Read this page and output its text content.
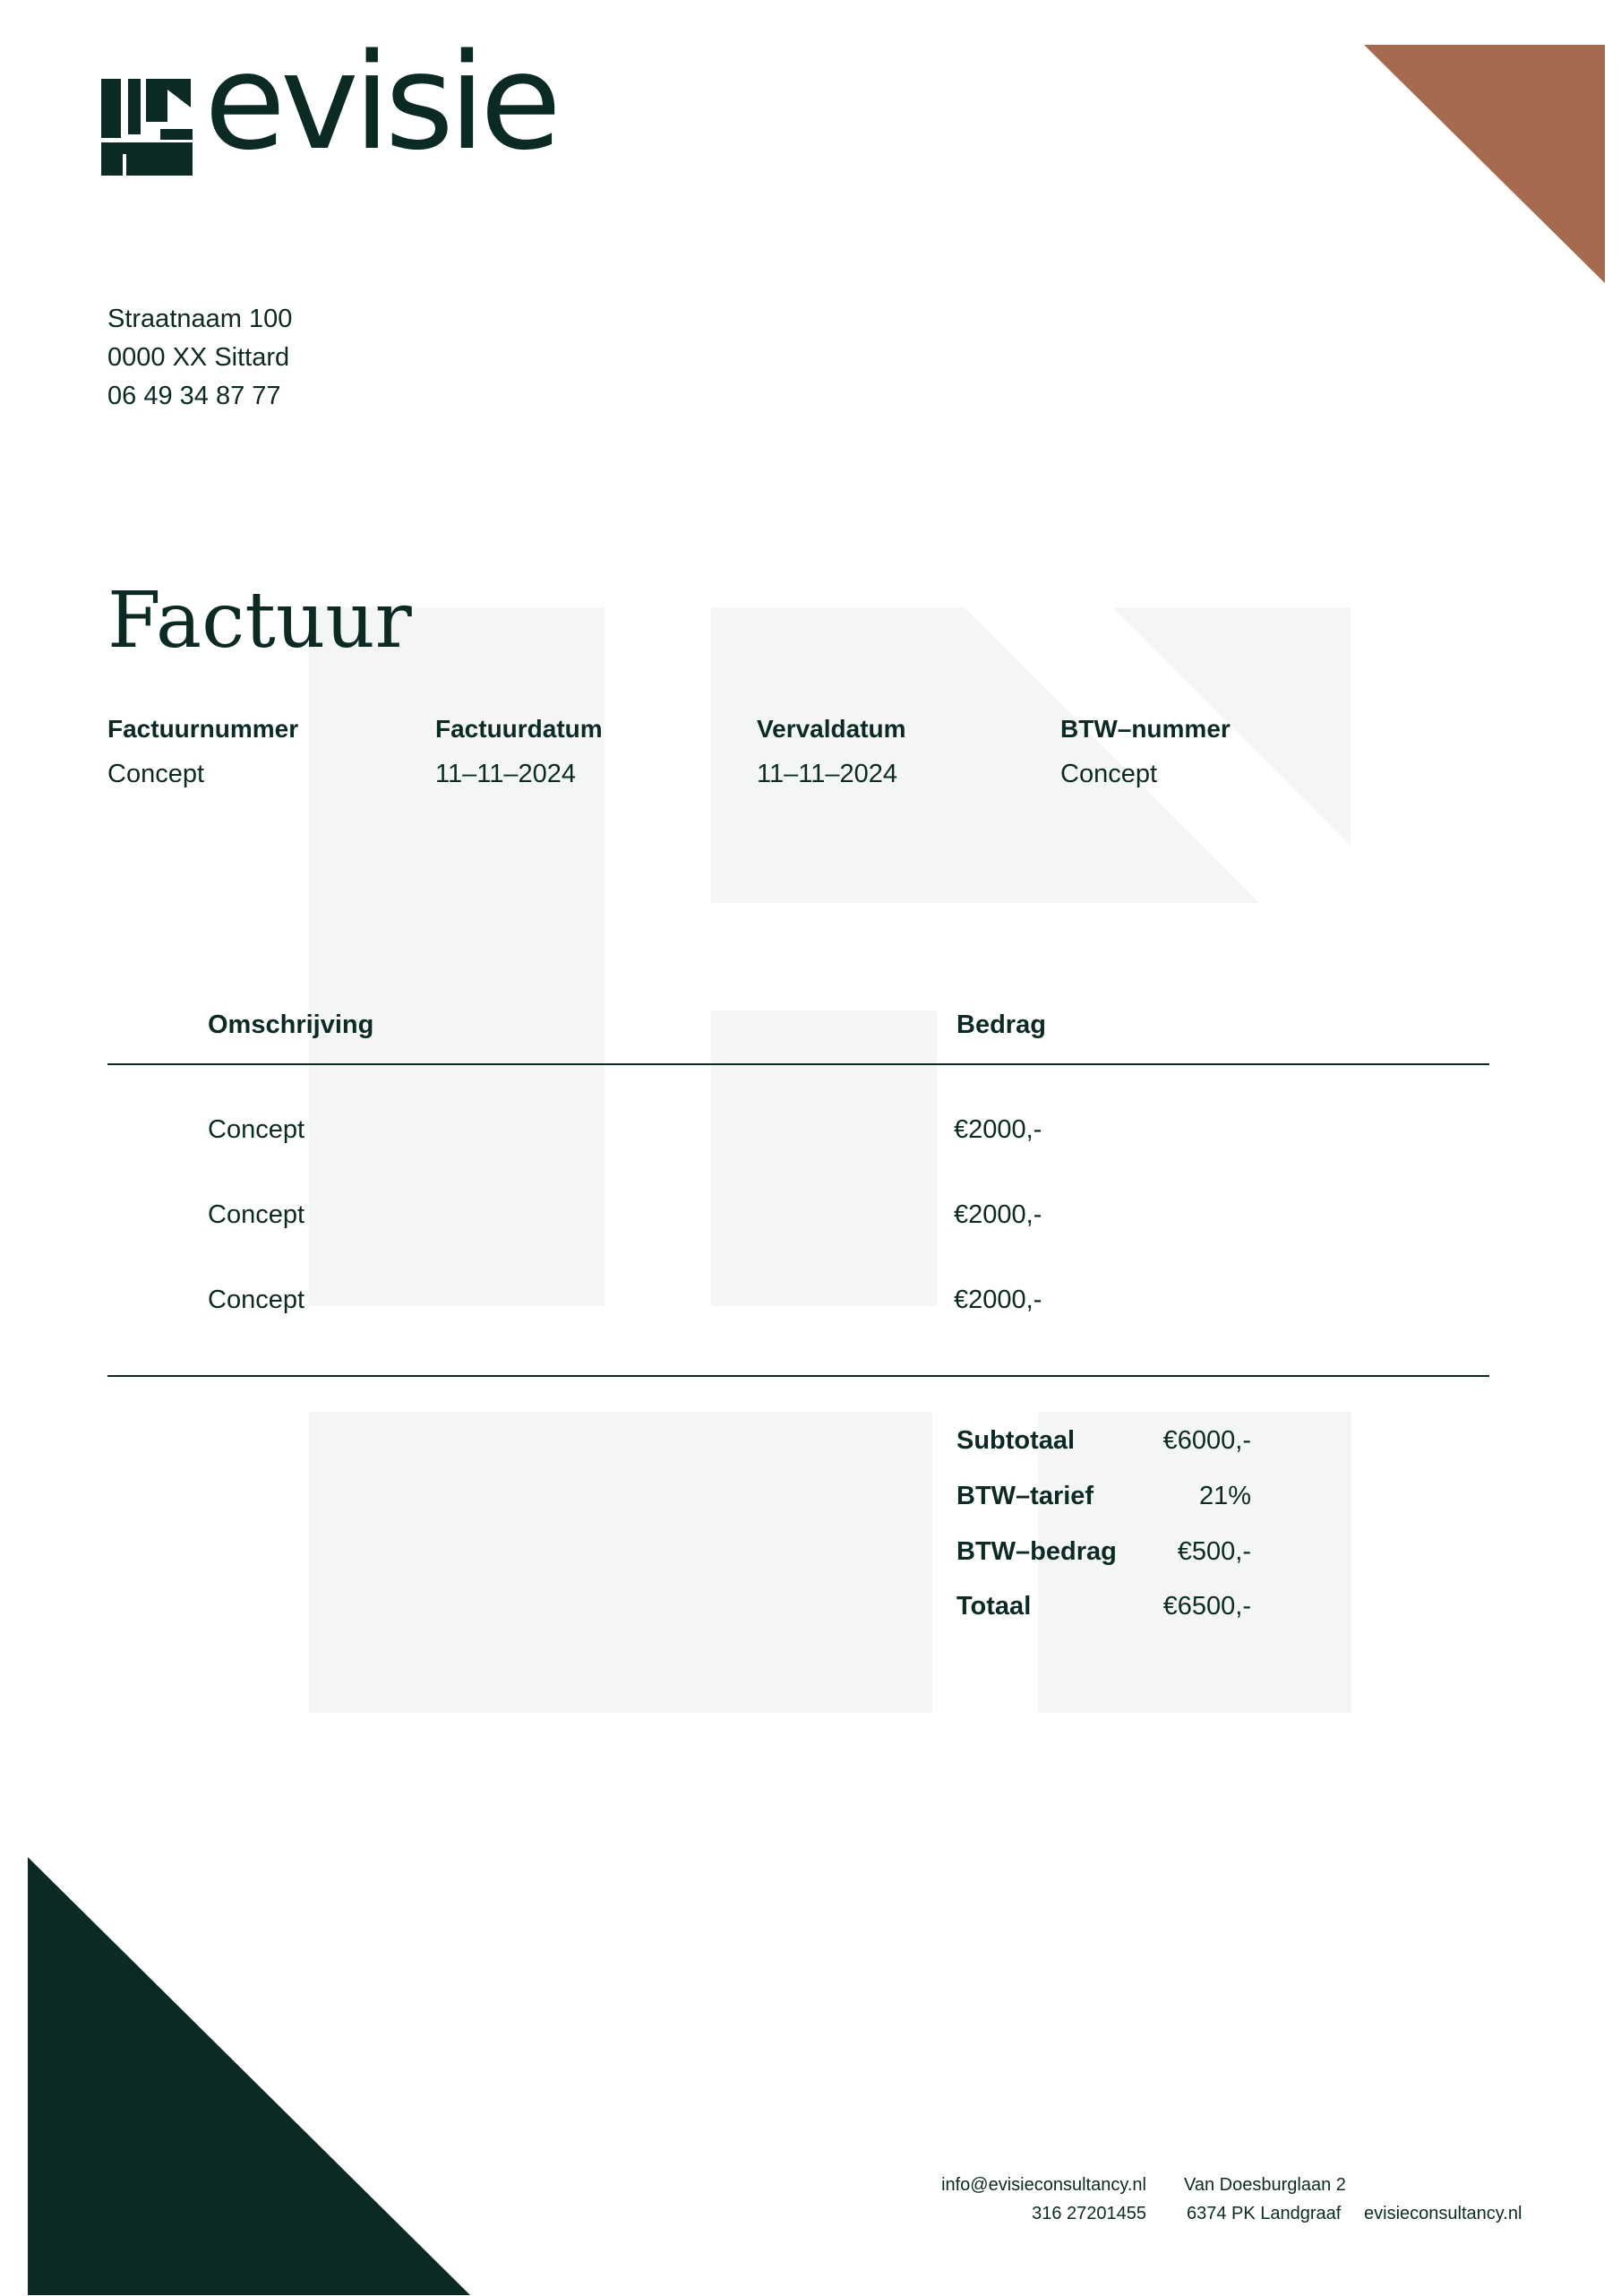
evisie
Straatnaam 100
0000 XX Sittard
06 49 34 87 77
Factuur
Factuurnummer
Concept
Factuurdatum
11–11–2024
Vervaldatum
11–11–2024
BTW–nummer
Concept
Omschrijving	Bedrag
Concept	€2000,-
Concept	€2000,-
Concept	€2000,-
Subtotaal	€6000,-
BTW–tarief	21%
BTW–bedrag €500,-
Totaal	€6500,-
info@evisieconsultancy.nl
316 27201455
Van Doesburglaan 2
6374 PK Landgraaf evisieconsultancy.nl
